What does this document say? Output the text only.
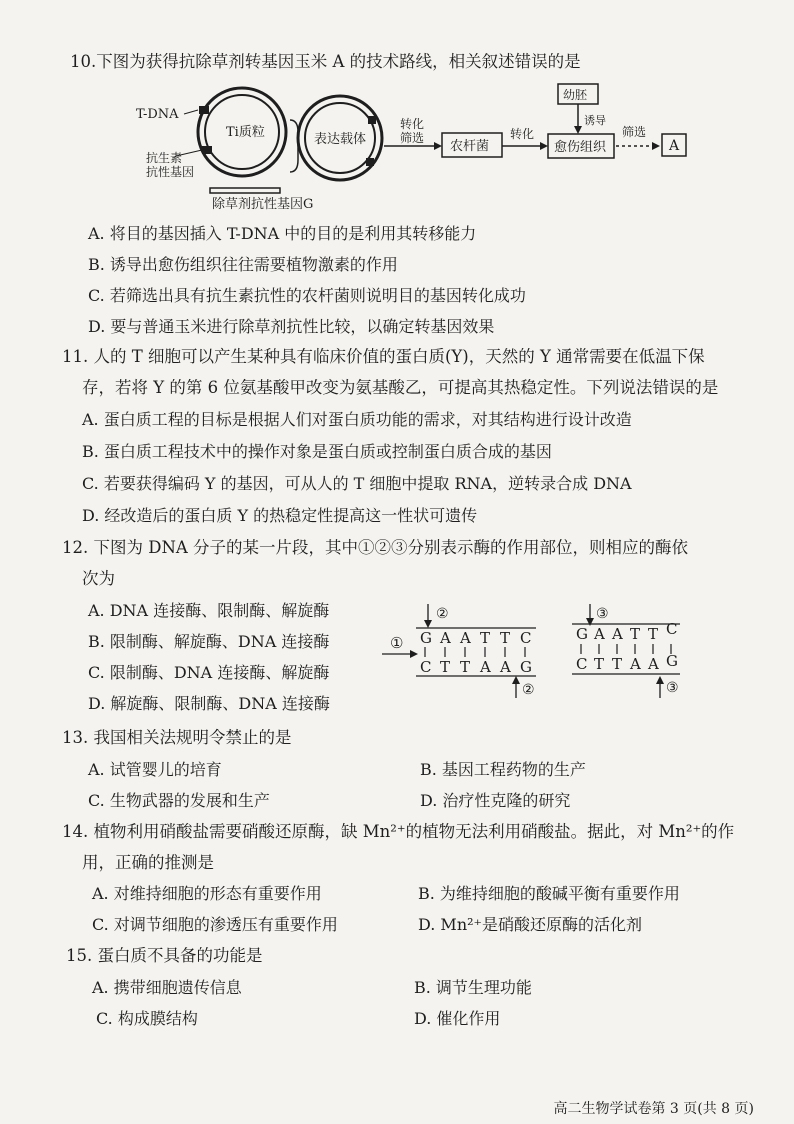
10.下图为获得抗除草剂转基因玉米 A 的技术路线，相关叙述错误的是
Ti质粒
T-DNA
抗生素
抗性基因
除草剂抗性基因G
表达载体
转化
筛选
农杆菌
转化
幼胚
诱导
愈伤组织
筛选
A
A. 将目的基因插入 T-DNA 中的目的是利用其转移能力
B. 诱导出愈伤组织往往需要植物激素的作用
C. 若筛选出具有抗生素抗性的农杆菌则说明目的基因转化成功
D. 要与普通玉米进行除草剂抗性比较，以确定转基因效果
11. 人的 T 细胞可以产生某种具有临床价值的蛋白质(Y)，天然的 Y 通常需要在低温下保
存，若将 Y 的第 6 位氨基酸甲改变为氨基酸乙，可提高其热稳定性。下列说法错误的是
A. 蛋白质工程的目标是根据人们对蛋白质功能的需求，对其结构进行设计改造
B. 蛋白质工程技术中的操作对象是蛋白质或控制蛋白质合成的基因
C. 若要获得编码 Y 的基因，可从人的 T 细胞中提取 RNA，逆转录合成 DNA
D. 经改造后的蛋白质 Y 的热稳定性提高这一性状可遗传
12. 下图为 DNA 分子的某一片段，其中①②③分别表示酶的作用部位，则相应的酶依
次为
A. DNA 连接酶、限制酶、解旋酶
B. 限制酶、解旋酶、DNA 连接酶
C. 限制酶、DNA 连接酶、解旋酶
D. 解旋酶、限制酶、DNA 连接酶
①
②
G A A T T C
C T T A A G
②
③
G A A T T C
C T T A A G
③
13. 我国相关法规明令禁止的是
A. 试管婴儿的培育	B. 基因工程药物的生产
C. 生物武器的发展和生产	D. 治疗性克隆的研究
14. 植物利用硝酸盐需要硝酸还原酶，缺 Mn²⁺的植物无法利用硝酸盐。据此，对 Mn²⁺的作
用，正确的推测是
A. 对维持细胞的形态有重要作用	B. 为维持细胞的酸碱平衡有重要作用
C. 对调节细胞的渗透压有重要作用	D. Mn²⁺是硝酸还原酶的活化剂
15. 蛋白质不具备的功能是
A. 携带细胞遗传信息	B. 调节生理功能
C. 构成膜结构	D. 催化作用
高二生物学试卷第 3 页(共 8 页)
